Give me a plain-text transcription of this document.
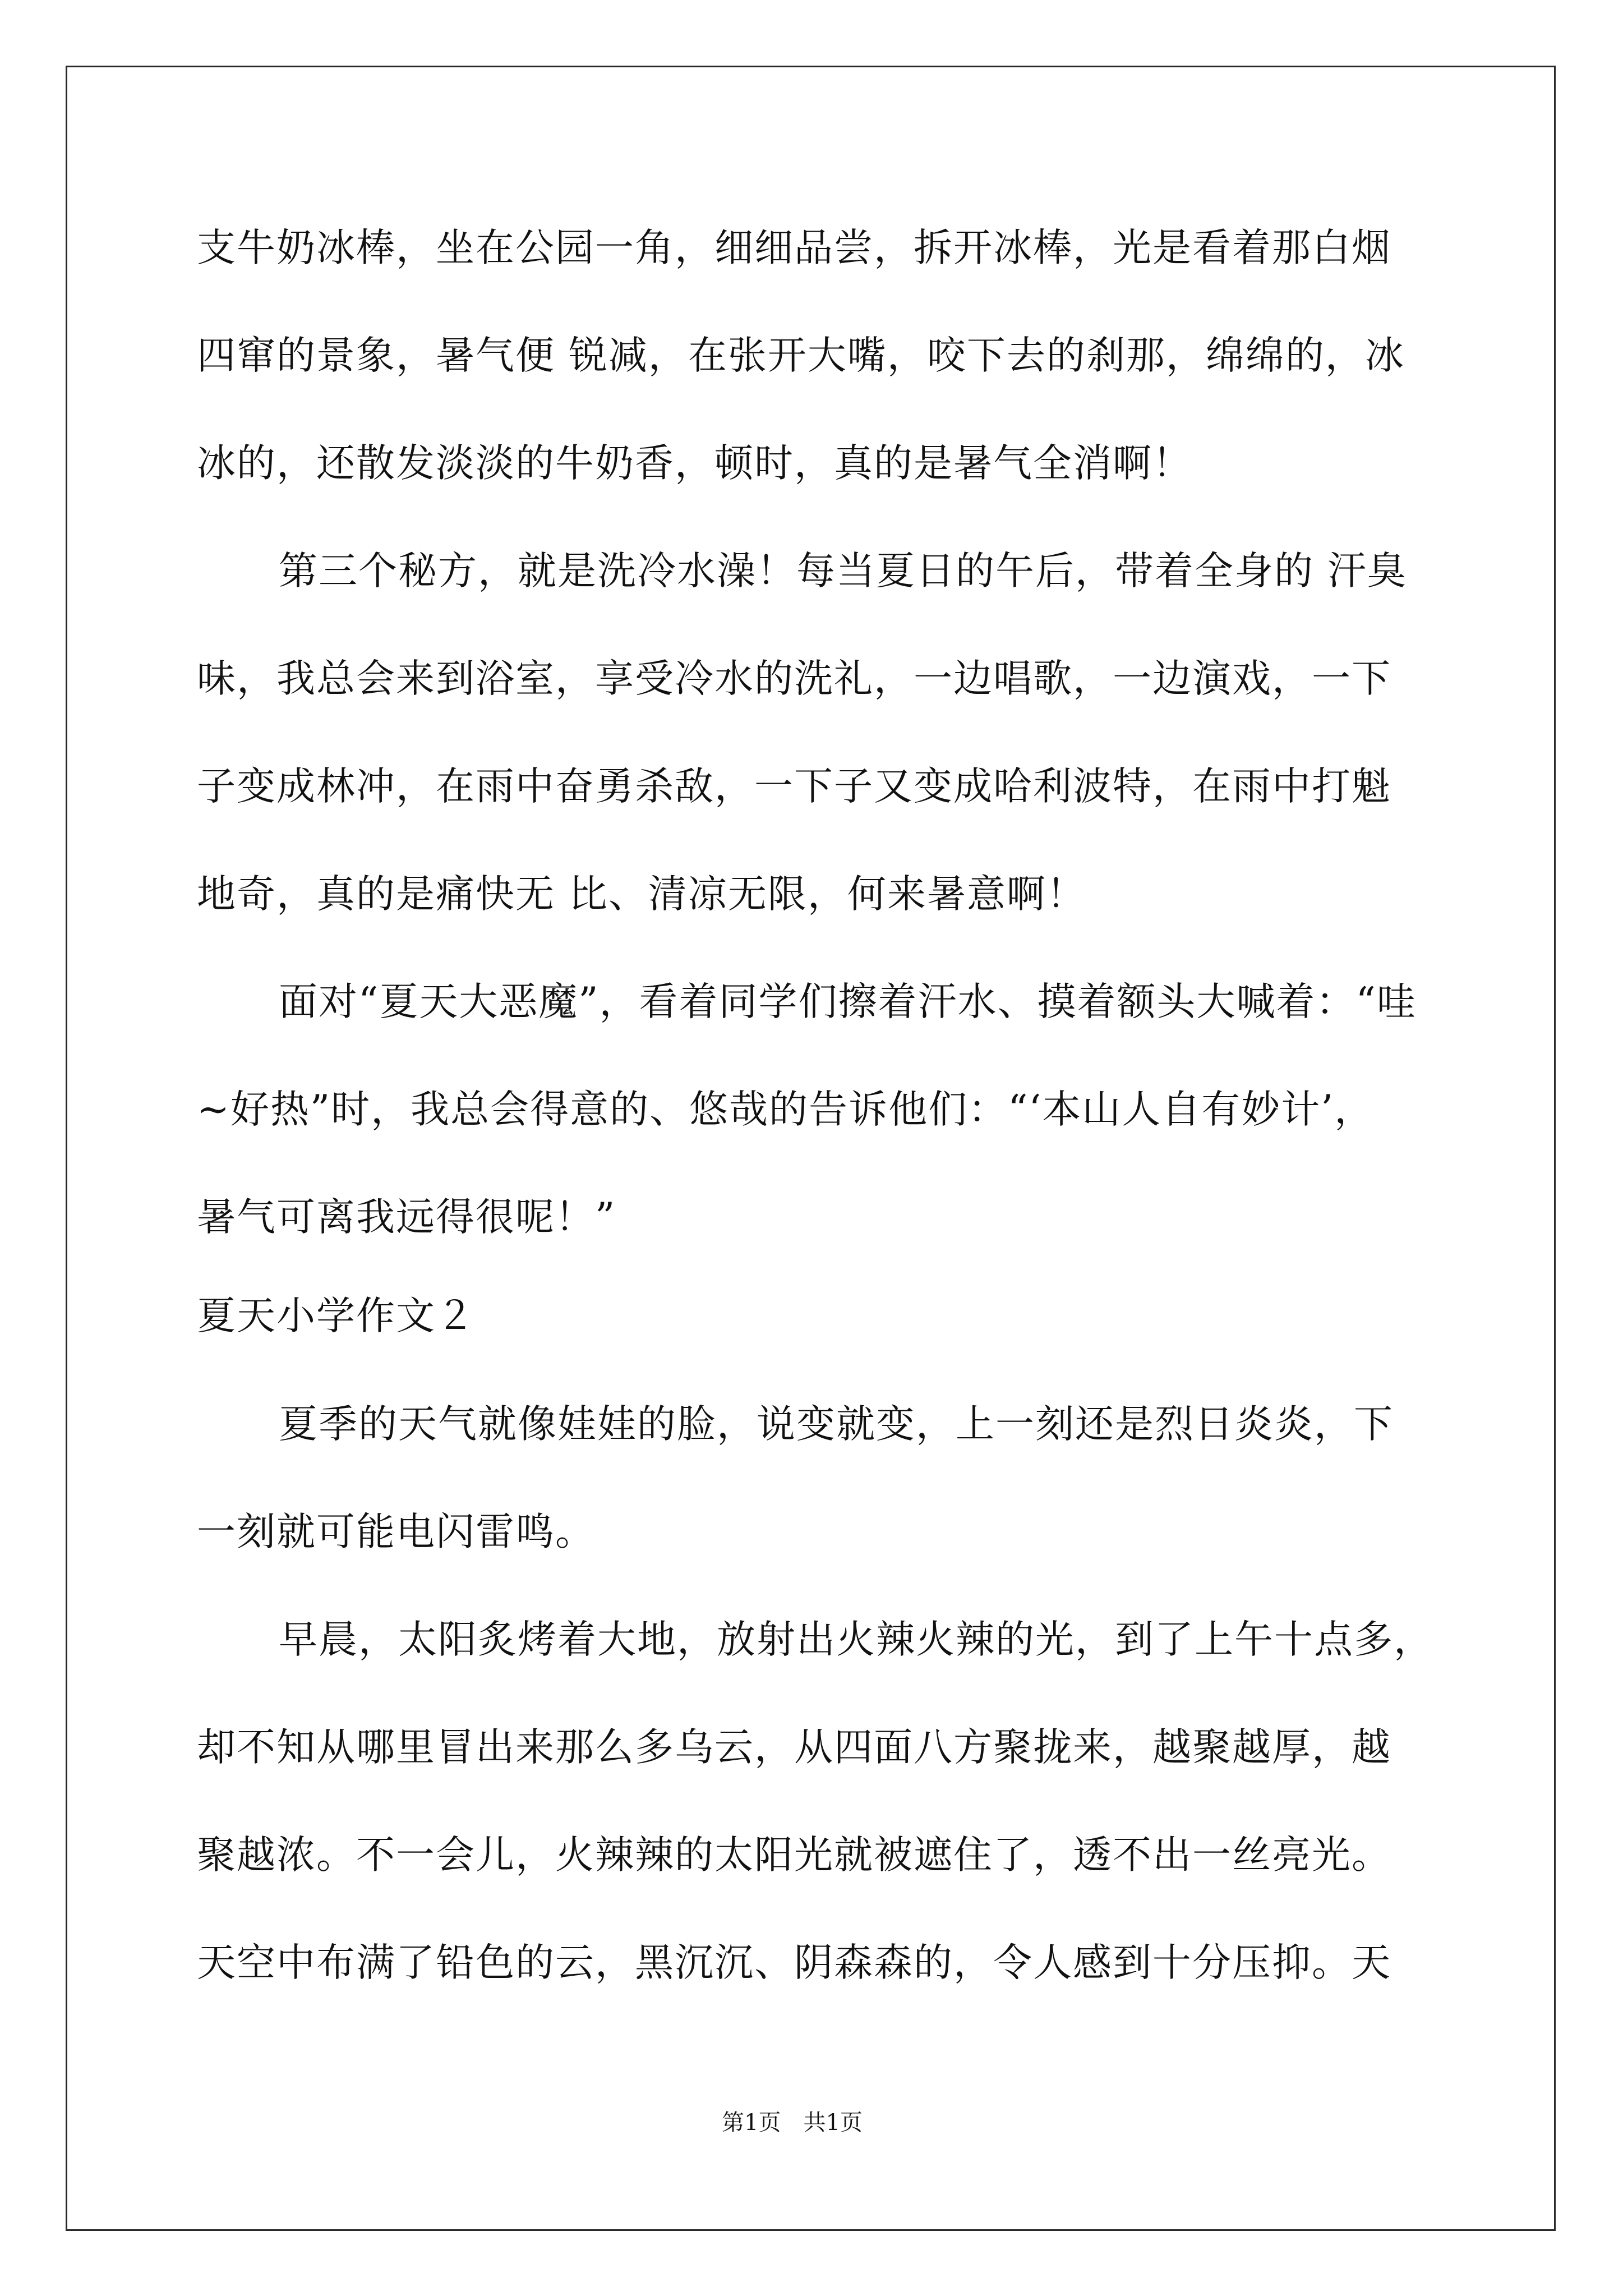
支牛奶冰棒，坐在公园一角，细细品尝，拆开冰棒，光是看着那白烟
四窜的景象，暑气便 锐减，在张开大嘴，咬下去的刹那，绵绵的，冰
冰的，还散发淡淡的牛奶香，顿时，真的是暑气全消啊！
第三个秘方，就是洗冷水澡！每当夏日的午后，带着全身的 汗臭
味，我总会来到浴室，享受冷水的洗礼，一边唱歌，一边演戏，一下
子变成林冲，在雨中奋勇杀敌，一下子又变成哈利波特，在雨中打魁
地奇，真的是痛快无 比、清凉无限，何来暑意啊！
面对“夏天大恶魔”，看着同学们擦着汗水、摸着额头大喊着：“哇
~好热”时，我总会得意的、悠哉的告诉他们：“‘本山人自有妙计’，
暑气可离我远得很呢！”
夏天小学作文２
夏季的天气就像娃娃的脸，说变就变，上一刻还是烈日炎炎，下
一刻就可能电闪雷鸣。
早晨，太阳炙烤着大地，放射出火辣火辣的光，到了上午十点多，
却不知从哪里冒出来那么多乌云，从四面八方聚拢来，越聚越厚，越
聚越浓。不一会儿，火辣辣的太阳光就被遮住了，透不出一丝亮光。
天空中布满了铅色的云，黑沉沉、阴森森的，令人感到十分压抑。天
第1页　共1页
